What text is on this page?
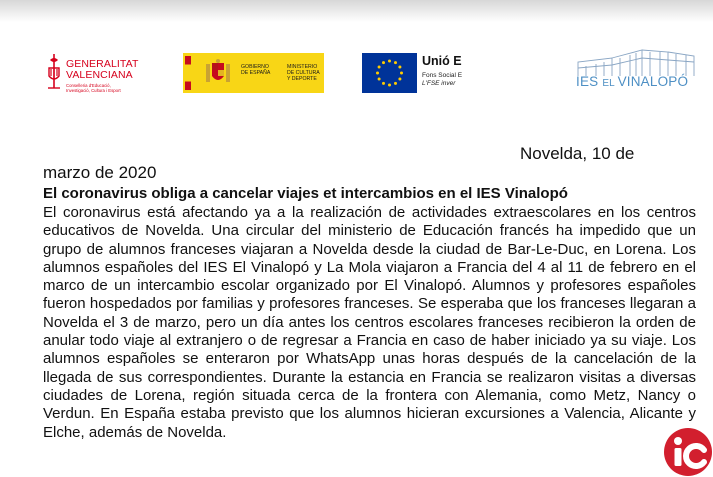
GENERALITAT
VALENCIANA
Conselleria d'Educació,
Investigació, Cultura i Esport
GOBIERNO
DE ESPAÑA
MINISTERIO
DE CULTURA
Y DEPORTE
Unió E
Fons Social E
L'FSE inver	IES EL VINALOPÓ
Novelda, 10 de
marzo de 2020
El coronavirus obliga a cancelar viajes et intercambios en el IES Vinalopó
El coronavirus está afectando ya a la realización de actividades extraescolares en los centros educativos de Novelda. Una circular del ministerio de Educación francés ha impedido que un grupo de alumnos franceses viajaran a Novelda desde la ciudad de Bar-Le-Duc, en Lorena. Los alumnos españoles del IES El Vinalopó y La Mola viajaron a Francia del 4 al 11 de febrero en el marco de un intercambio escolar organizado por El Vinalopó. Alumnos y profesores españoles fueron hospedados por familias y profesores franceses. Se esperaba que los franceses llegaran a Novelda el 3 de marzo, pero un día antes los centros escolares franceses recibieron la orden de anular todo viaje al extranjero o de regresar a Francia en caso de haber iniciado ya su viaje. Los alumnos españoles se enteraron por WhatsApp unas horas después de la cancelación de la llegada de sus correspondientes. Durante la estancia en Francia se realizaron visitas a diversas ciudades de Lorena, región situada cerca de la frontera con Alemania, como Metz, Nancy o Verdun. En España estaba previsto que los alumnos hicieran excursiones a Valencia, Alicante y Elche, además de Novelda.
